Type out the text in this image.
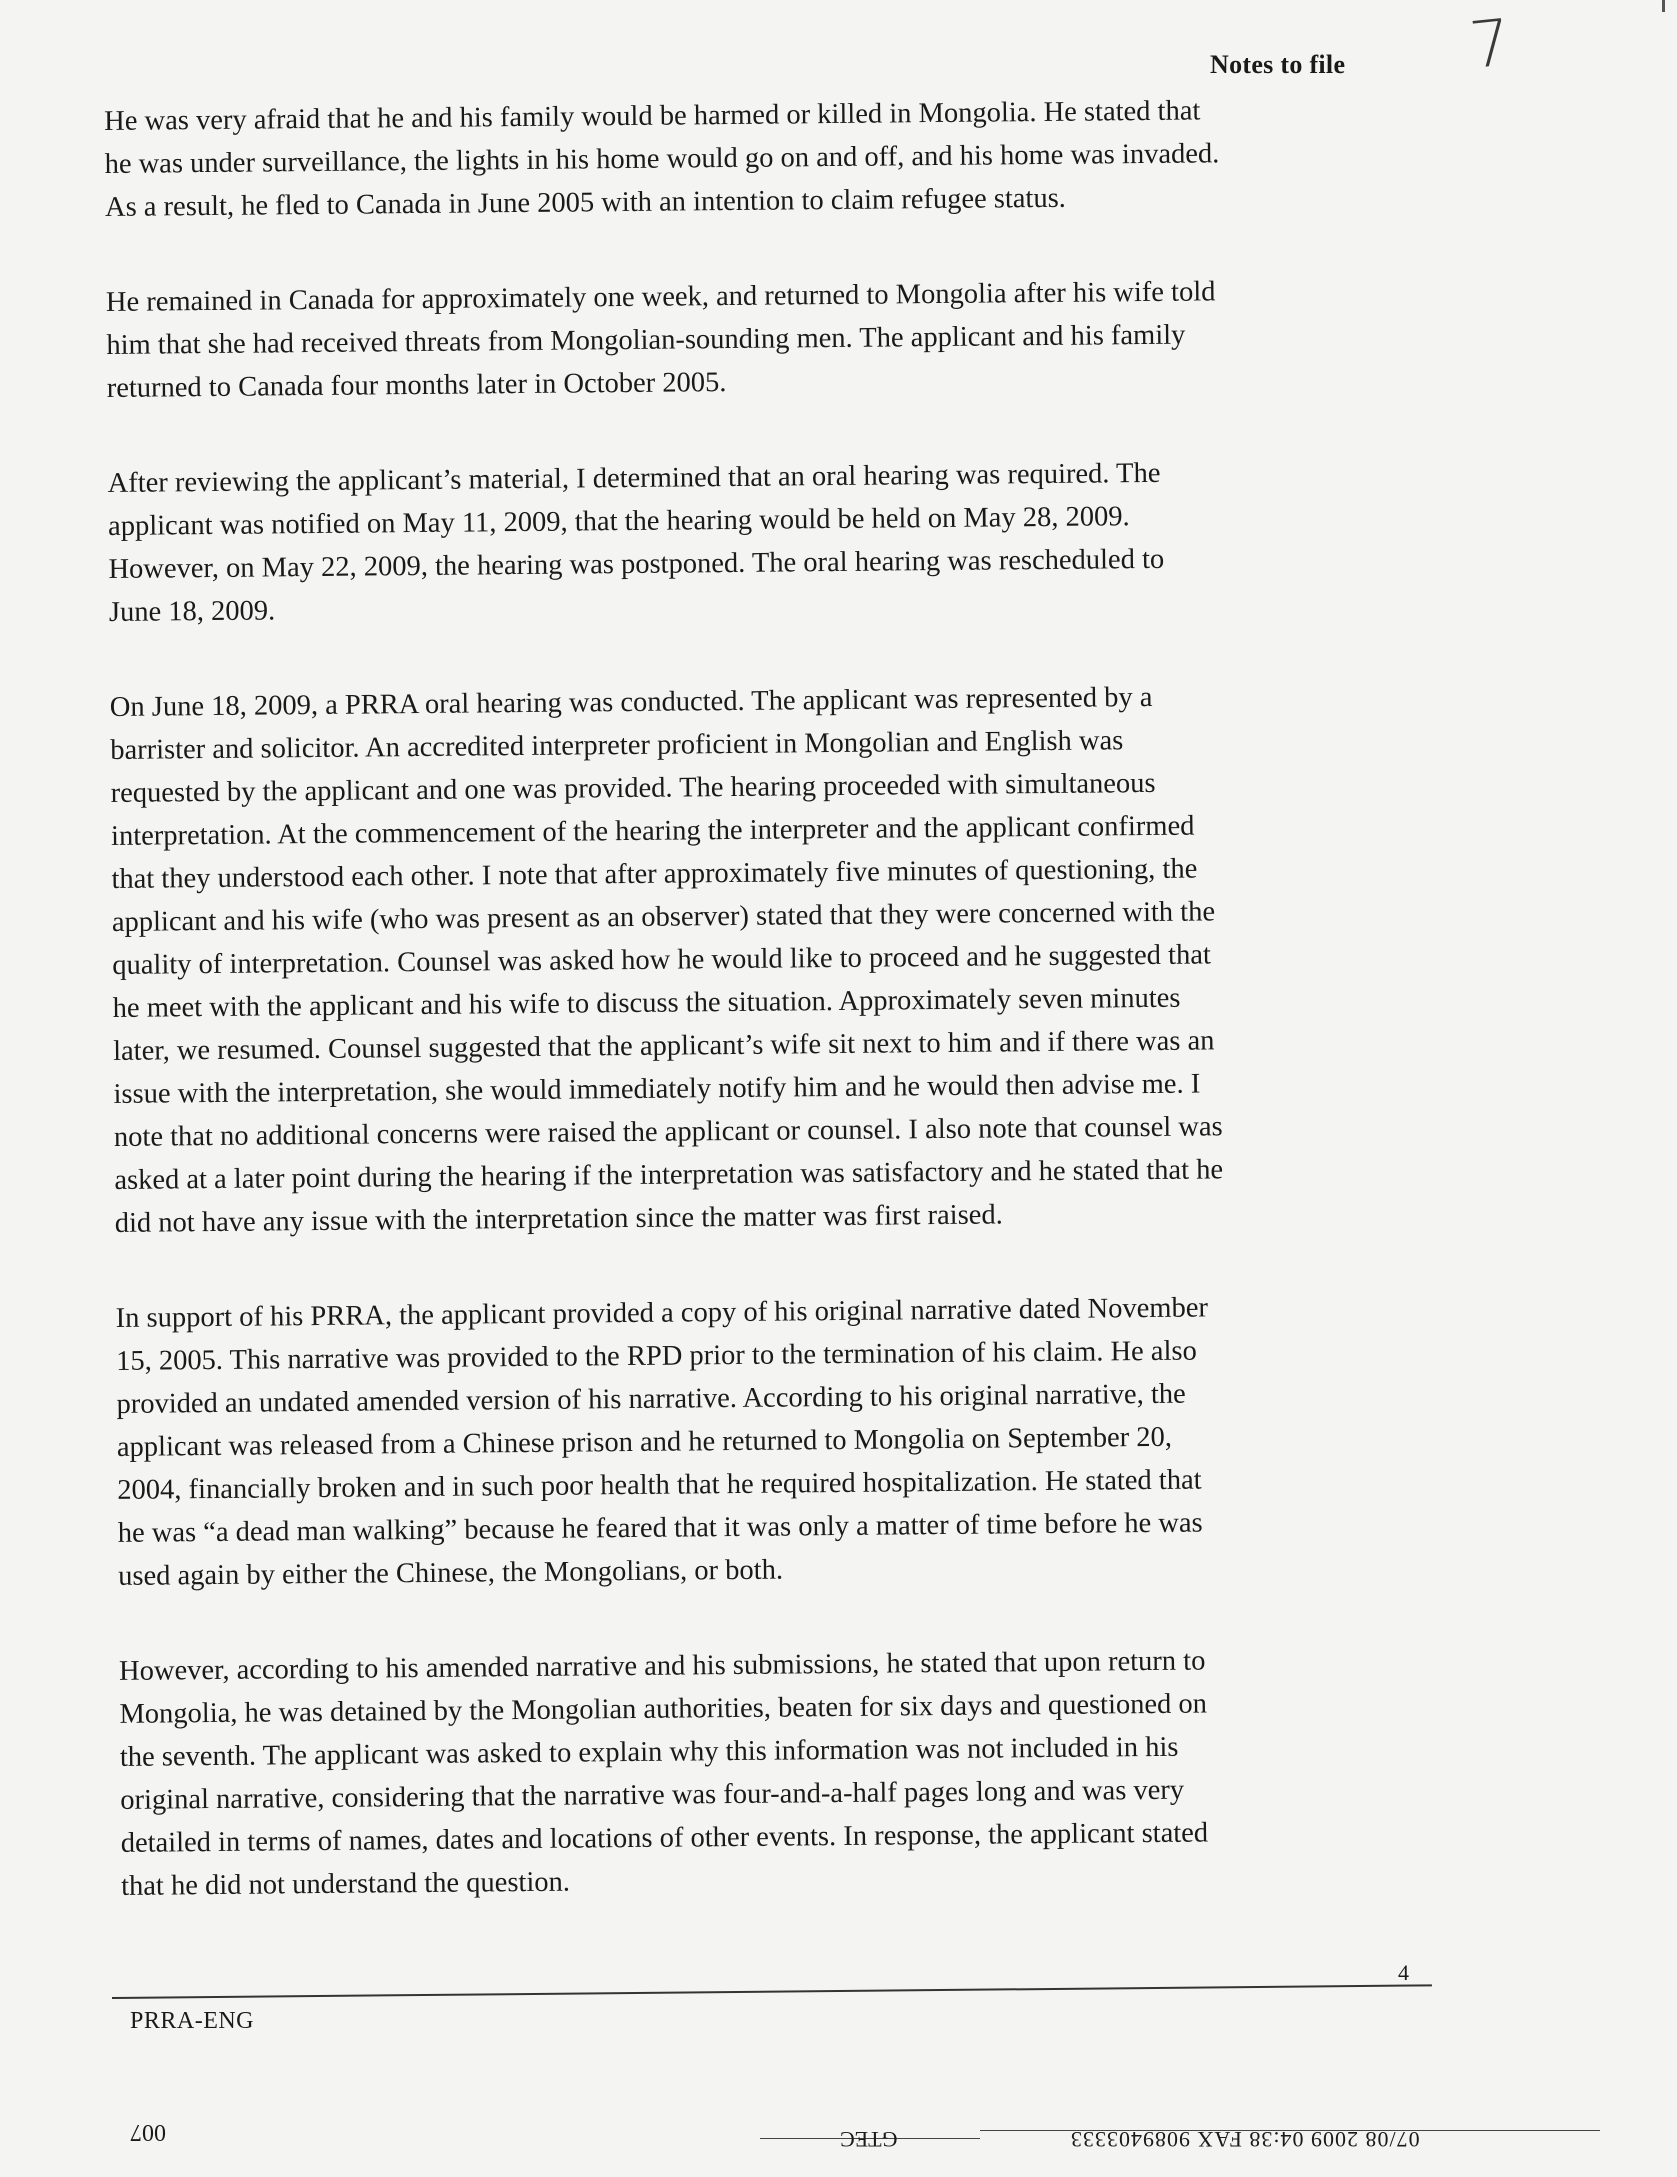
7
Notes to file
He was very afraid that he and his family would be harmed or killed in Mongolia. He stated that
he was under surveillance, the lights in his home would go on and off, and his home was invaded.
As a result, he fled to Canada in June 2005 with an intention to claim refugee status.
He remained in Canada for approximately one week, and returned to Mongolia after his wife told
him that she had received threats from Mongolian-sounding men. The applicant and his family
returned to Canada four months later in October 2005.
After reviewing the applicant’s material, I determined that an oral hearing was required. The
applicant was notified on May 11, 2009, that the hearing would be held on May 28, 2009.
However, on May 22, 2009, the hearing was postponed. The oral hearing was rescheduled to
June 18, 2009.
On June 18, 2009, a PRRA oral hearing was conducted. The applicant was represented by a
barrister and solicitor. An accredited interpreter proficient in Mongolian and English was
requested by the applicant and one was provided. The hearing proceeded with simultaneous
interpretation. At the commencement of the hearing the interpreter and the applicant confirmed
that they understood each other. I note that after approximately five minutes of questioning, the
applicant and his wife (who was present as an observer) stated that they were concerned with the
quality of interpretation. Counsel was asked how he would like to proceed and he suggested that
he meet with the applicant and his wife to discuss the situation. Approximately seven minutes
later, we resumed. Counsel suggested that the applicant’s wife sit next to him and if there was an
issue with the interpretation, she would immediately notify him and he would then advise me. I
note that no additional concerns were raised the applicant or counsel. I also note that counsel was
asked at a later point during the hearing if the interpretation was satisfactory and he stated that he
did not have any issue with the interpretation since the matter was first raised.
In support of his PRRA, the applicant provided a copy of his original narrative dated November
15, 2005. This narrative was provided to the RPD prior to the termination of his claim. He also
provided an undated amended version of his narrative. According to his original narrative, the
applicant was released from a Chinese prison and he returned to Mongolia on September 20,
2004, financially broken and in such poor health that he required hospitalization. He stated that
he was “a dead man walking” because he feared that it was only a matter of time before he was
used again by either the Chinese, the Mongolians, or both.
However, according to his amended narrative and his submissions, he stated that upon return to
Mongolia, he was detained by the Mongolian authorities, beaten for six days and questioned on
the seventh. The applicant was asked to explain why this information was not included in his
original narrative, considering that the narrative was four-and-a-half pages long and was very
detailed in terms of names, dates and locations of other events. In response, the applicant stated
that he did not understand the question.
4
PRRA-ENG
007	GTEC	07/08 2009 04:38 FAX 9089403333
